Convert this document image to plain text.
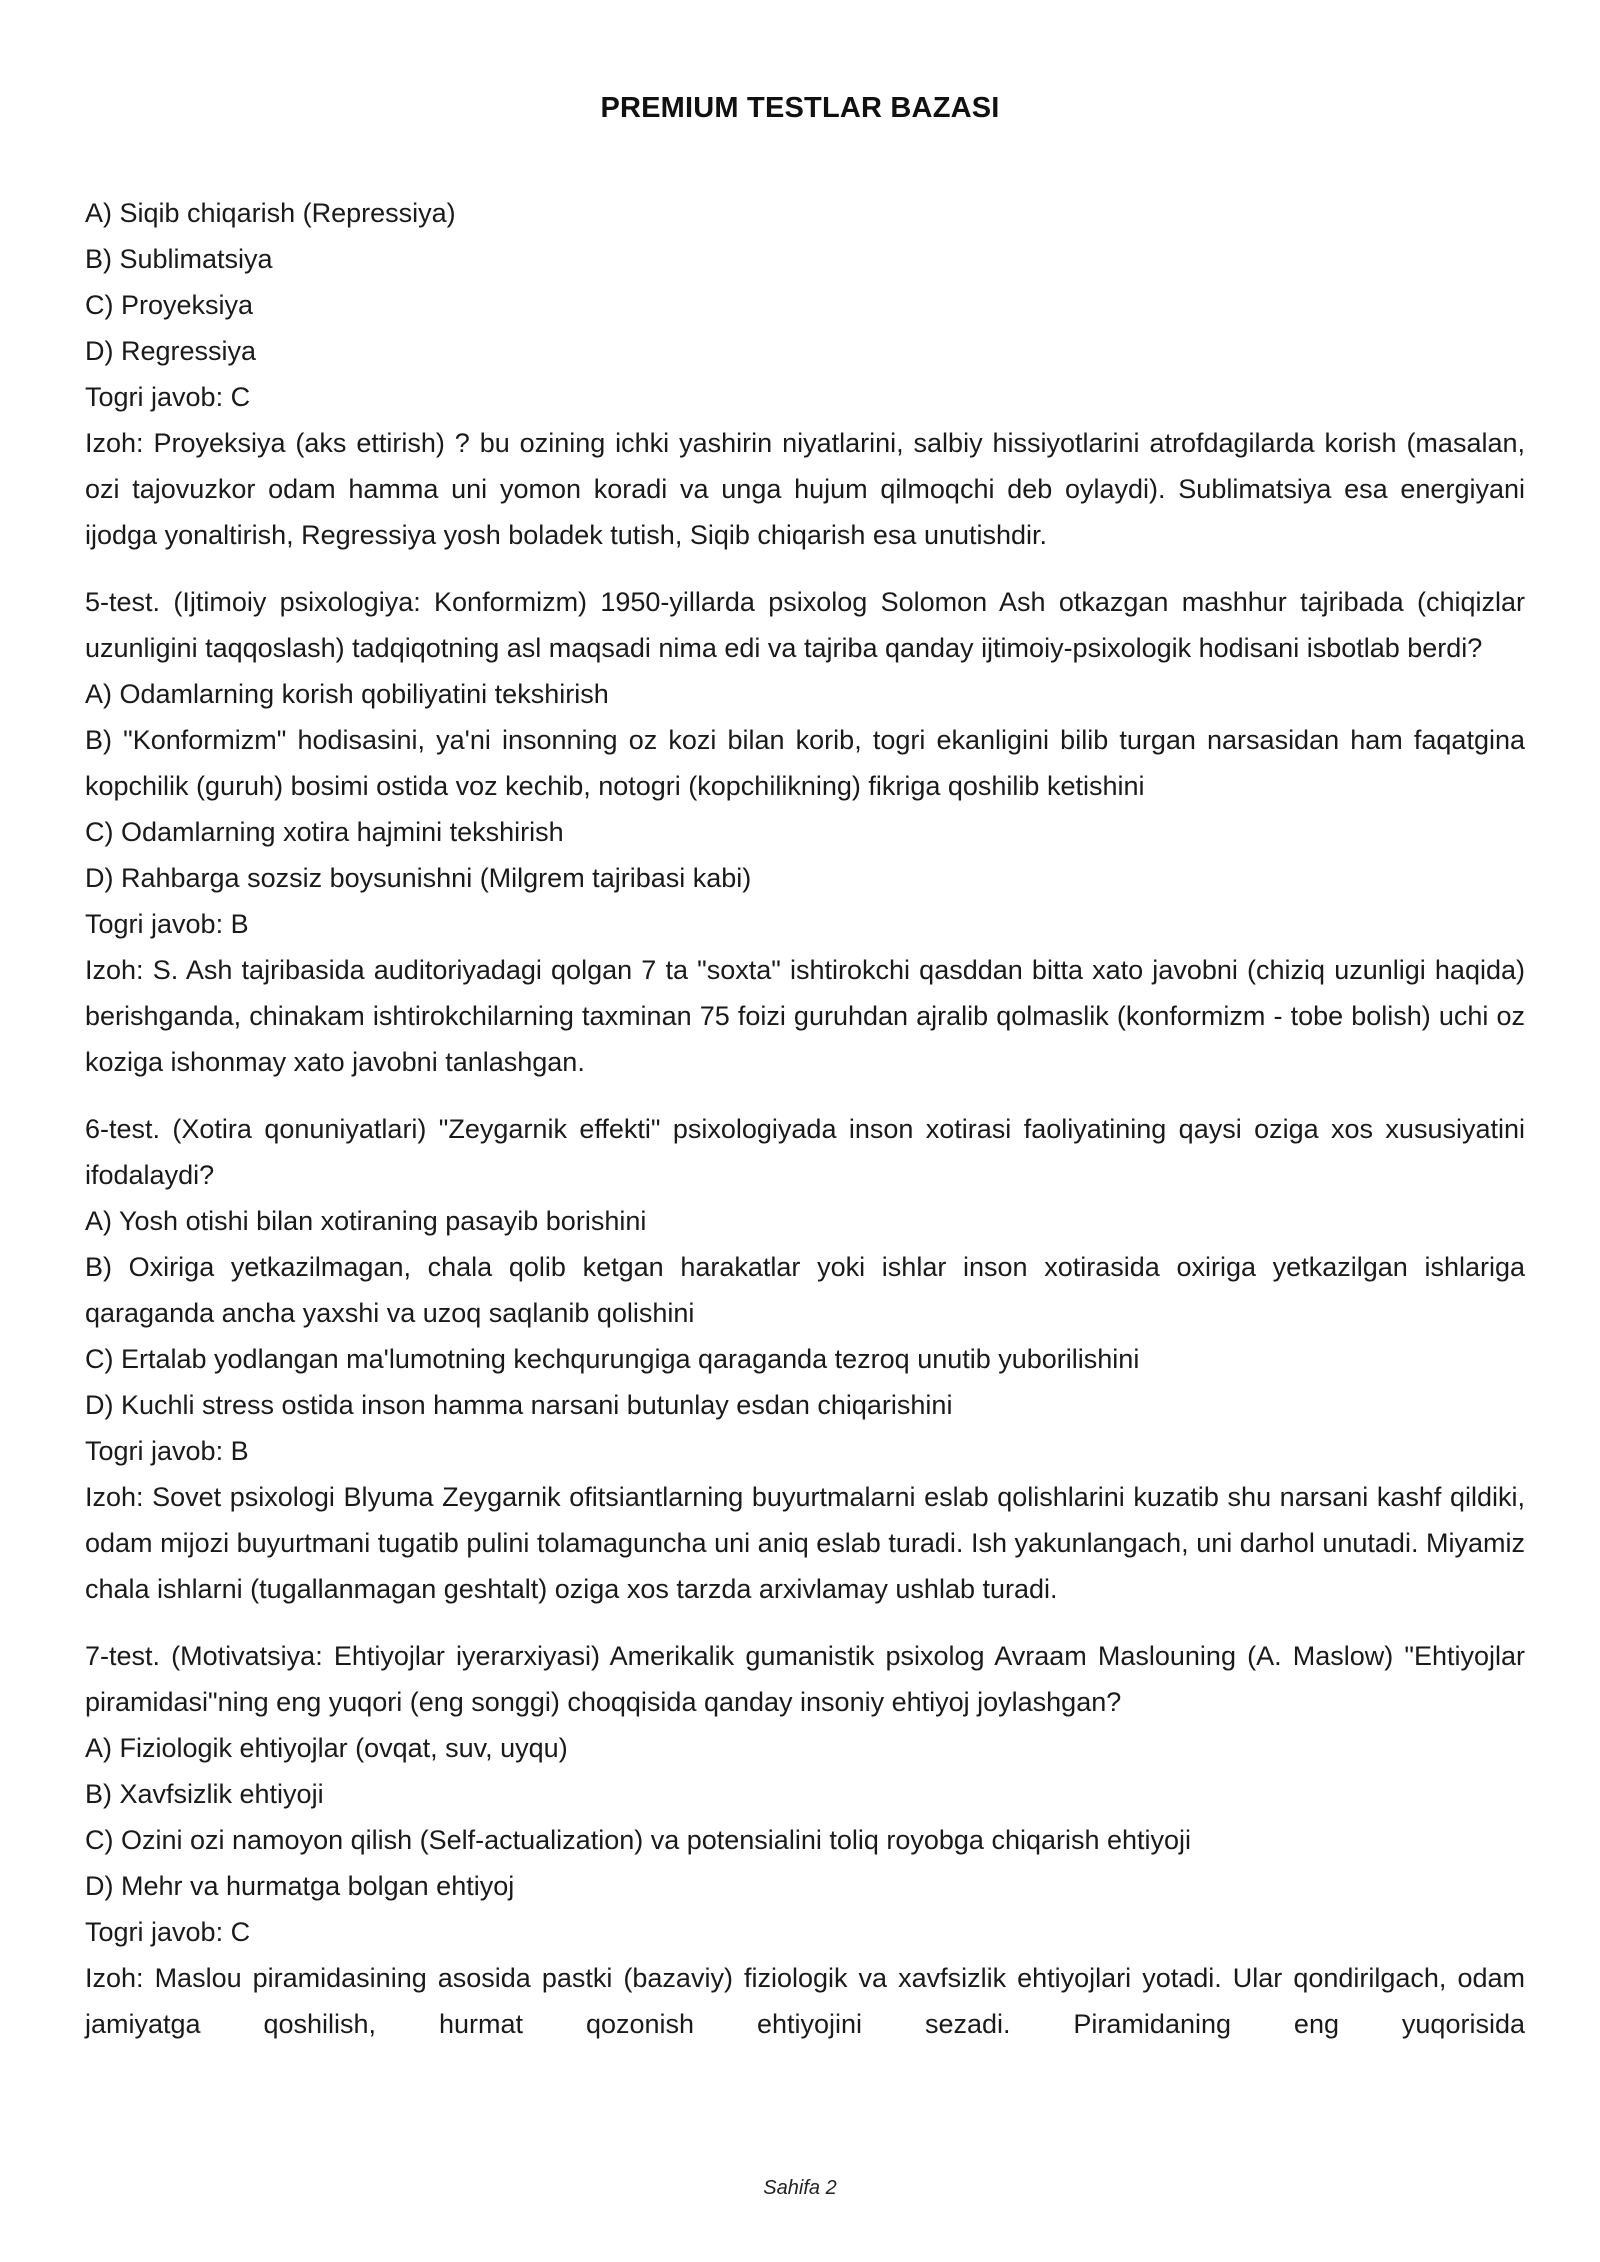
PREMIUM TESTLAR BAZASI

A) Siqib chiqarish (Repressiya)

B) Sublimatsiya

C) Proyeksiya

D) Regressiya

Togri javob: C

Izoh: Proyeksiya (aks ettirish) ? bu ozining ichki yashirin niyatlarini, salbiy hissiyotlarini atrofdagilarda korish (masalan, ozi tajovuzkor odam hamma uni yomon koradi va unga hujum qilmoqchi deb oylaydi). Sublimatsiya esa energiyani ijodga yonaltirish, Regressiya yosh boladek tutish, Siqib chiqarish esa unutishdir.

5-test. (Ijtimoiy psixologiya: Konformizm) 1950-yillarda psixolog Solomon Ash otkazgan mashhur tajribada (chiqizlar uzunligini taqqoslash) tadqiqotning asl maqsadi nima edi va tajriba qanday ijtimoiy-psixologik hodisani isbotlab berdi?

A) Odamlarning korish qobiliyatini tekshirish

B) "Konformizm" hodisasini, ya'ni insonning oz kozi bilan korib, togri ekanligini bilib turgan narsasidan ham faqatgina kopchilik (guruh) bosimi ostida voz kechib, notogri (kopchilikning) fikriga qoshilib ketishini

C) Odamlarning xotira hajmini tekshirish

D) Rahbarga sozsiz boysunishni (Milgrem tajribasi kabi)

Togri javob: B

Izoh: S. Ash tajribasida auditoriyadagi qolgan 7 ta "soxta" ishtirokchi qasddan bitta xato javobni (chiziq uzunligi haqida) berishganda, chinakam ishtirokchilarning taxminan 75 foizi guruhdan ajralib qolmaslik (konformizm - tobe bolish) uchi oz koziga ishonmay xato javobni tanlashgan.

6-test. (Xotira qonuniyatlari) "Zeygarnik effekti" psixologiyada inson xotirasi faoliyatining qaysi oziga xos xususiyatini ifodalaydi?

A) Yosh otishi bilan xotiraning pasayib borishini

B) Oxiriga yetkazilmagan, chala qolib ketgan harakatlar yoki ishlar inson xotirasida oxiriga yetkazilgan ishlariga qaraganda ancha yaxshi va uzoq saqlanib qolishini

C) Ertalab yodlangan ma'lumotning kechqurungiga qaraganda tezroq unutib yuborilishini

D) Kuchli stress ostida inson hamma narsani butunlay esdan chiqarishini

Togri javob: B

Izoh: Sovet psixologi Blyuma Zeygarnik ofitsiantlarning buyurtmalarni eslab qolishlarini kuzatib shu narsani kashf qildiki, odam mijozi buyurtmani tugatib pulini tolamaguncha uni aniq eslab turadi. Ish yakunlangach, uni darhol unutadi. Miyamiz chala ishlarni (tugallanmagan geshtalt) oziga xos tarzda arxivlamay ushlab turadi.

7-test. (Motivatsiya: Ehtiyojlar iyerarxiyasi) Amerikalik gumanistik psixolog Avraam Maslouning (A. Maslow) "Ehtiyojlar piramidasi"ning eng yuqori (eng songgi) choqqisida qanday insoniy ehtiyoj joylashgan?

A) Fiziologik ehtiyojlar (ovqat, suv, uyqu)

B) Xavfsizlik ehtiyoji

C) Ozini ozi namoyon qilish (Self-actualization) va potensialini toliq royobga chiqarish ehtiyoji

D) Mehr va hurmatga bolgan ehtiyoj

Togri javob: C

Izoh: Maslou piramidasining asosida pastki (bazaviy) fiziologik va xavfsizlik ehtiyojlari yotadi. Ular qondirilgach, odam jamiyatga qoshilish, hurmat qozonish ehtiyojini sezadi. Piramidaning eng yuqorisida

Sahifa 2
